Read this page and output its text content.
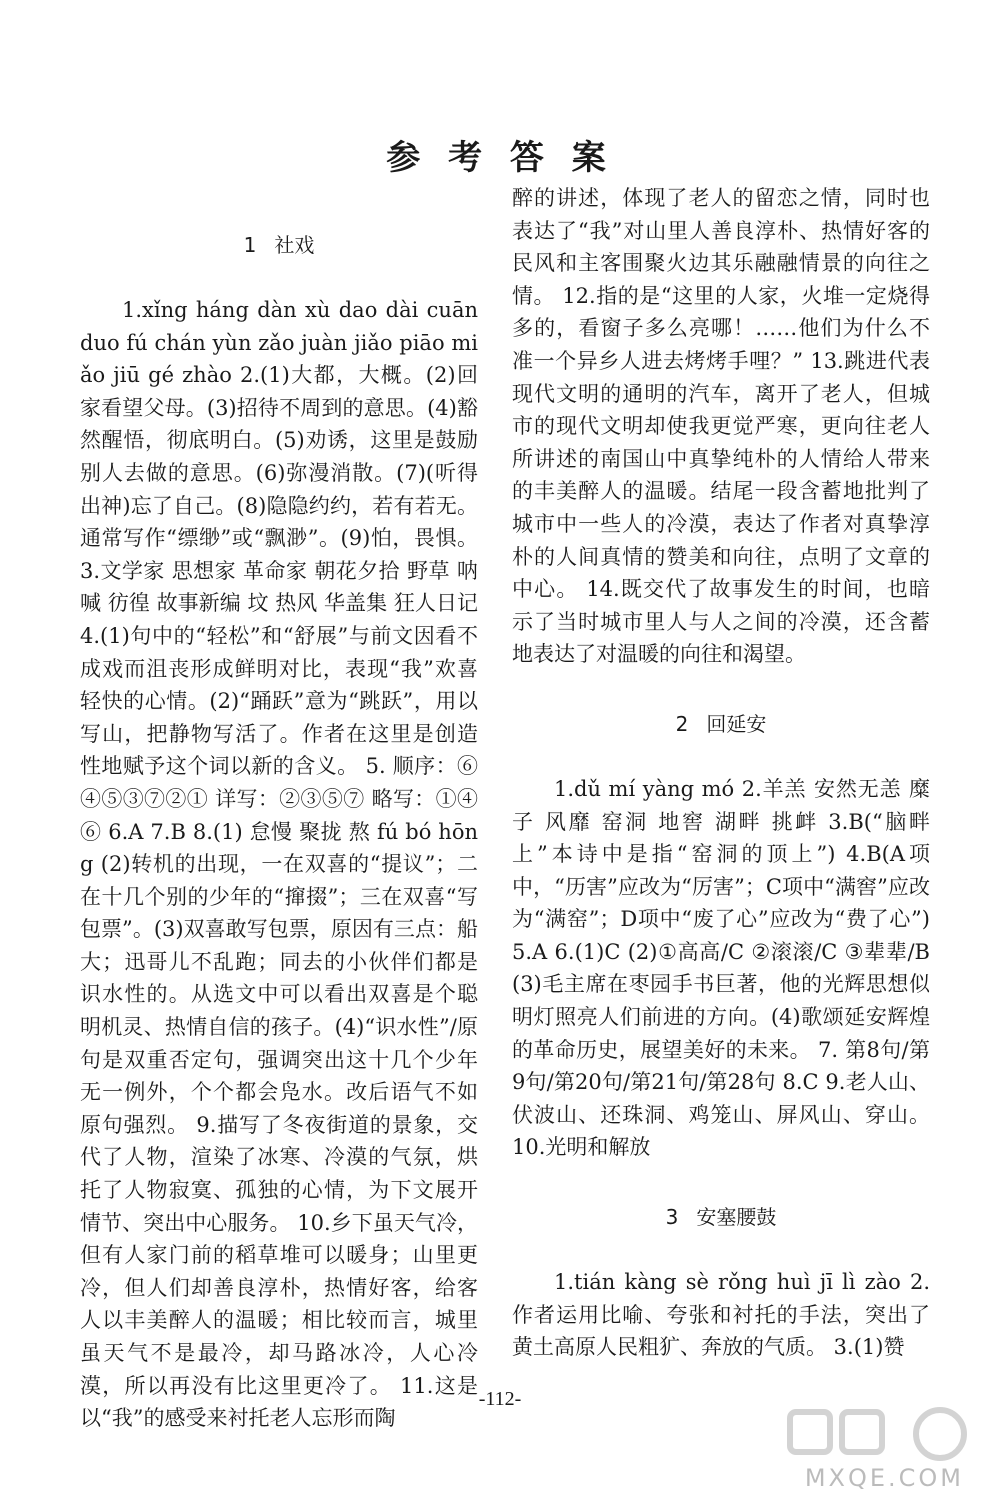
参 考 答 案
1 社戏

1.xǐng háng dàn xù dao dài cuān duo fú chán yùn zǎo juàn jiǎo piāo miǎo jiū gé zhào 2.(1)大都，大概。(2)回家看望父母。(3)招待不周到的意思。(4)豁然醒悟，彻底明白。(5)劝诱，这里是鼓励别人去做的意思。(6)弥漫消散。(7)(听得出神)忘了自己。(8)隐隐约约，若有若无。通常写作“缥缈”或“飘渺”。(9)怕，畏惧。 3.文学家 思想家 革命家 朝花夕拾 野草 呐喊 彷徨 故事新编 坟 热风 华盖集 狂人日记 4.(1)句中的“轻松”和“舒展”与前文因看不成戏而沮丧形成鲜明对比，表现“我”欢喜轻快的心情。(2)“踊跃”意为“跳跃”，用以写山，把静物写活了。作者在这里是创造性地赋予这个词以新的含义。 5. 顺序：⑥④⑤③⑦②① 详写：②③⑤⑦ 略写：①④⑥ 6.A 7.B 8.(1) 怠慢 聚拢 熬 fú bó hōng (2)转机的出现，一在双喜的“提议”；二在十几个别的少年的“撺掇”；三在双喜“写包票”。(3)双喜敢写包票，原因有三点：船大；迅哥儿不乱跑；同去的小伙伴们都是识水性的。从选文中可以看出双喜是个聪明机灵、热情自信的孩子。(4)“识水性”/原句是双重否定句，强调突出这十几个少年无一例外，个个都会凫水。改后语气不如原句强烈。 9.描写了冬夜街道的景象，交代了人物，渲染了冰寒、冷漠的气氛，烘托了人物寂寞、孤独的心情，为下文展开情节、突出中心服务。 10.乡下虽天气冷，但有人家门前的稻草堆可以暖身；山里更冷，但人们却善良淳朴，热情好客，给客人以丰美醉人的温暖；相比较而言，城里虽天气不是最冷，却马路冰冷，人心冷漠，所以再没有比这里更冷了。 11.这是以“我”的感受来衬托老人忘形而陶

醉的讲述，体现了老人的留恋之情，同时也表达了“我”对山里人善良淳朴、热情好客的民风和主客围聚火边其乐融融情景的向往之情。 12.指的是“这里的人家，火堆一定烧得多的，看窗子多么亮哪！……他们为什么不准一个异乡人进去烤烤手哩？” 13.跳进代表现代文明的通明的汽车，离开了老人，但城市的现代文明却使我更觉严寒，更向往老人所讲述的南国山中真挚纯朴的人情给人带来的丰美醉人的温暖。结尾一段含蓄地批判了城市中一些人的冷漠，表达了作者对真挚淳朴的人间真情的赞美和向往，点明了文章的中心。 14.既交代了故事发生的时间，也暗示了当时城市里人与人之间的冷漠，还含蓄地表达了对温暖的向往和渴望。

2 回延安

1.dǔ mí yàng mó 2.羊羔 安然无恙 糜子 风靡 窑洞 地窖 湖畔 挑衅 3.B(“脑畔上”本诗中是指“窑洞的顶上”) 4.B(A项中，“历害”应改为“厉害”；C项中“满窖”应改为“满窑”；D项中“废了心”应改为“费了心”) 5.A 6.(1)C (2)①高高/C ②滚滚/C ③辈辈/B (3)毛主席在枣园手书巨著，他的光辉思想似明灯照亮人们前进的方向。(4)歌颂延安辉煌的革命历史，展望美好的未来。 7. 第8句/第9句/第20句/第21句/第28句 8.C 9.老人山、伏波山、还珠洞、鸡笼山、屏风山、穿山。 10.光明和解放

3 安塞腰鼓

1.tián kàng sè rǒng huì jī lì zào 2.作者运用比喻、夸张和衬托的手法，突出了黄土高原人民粗犷、奔放的气质。 3.(1)赞

-112-
MXQE.COM
